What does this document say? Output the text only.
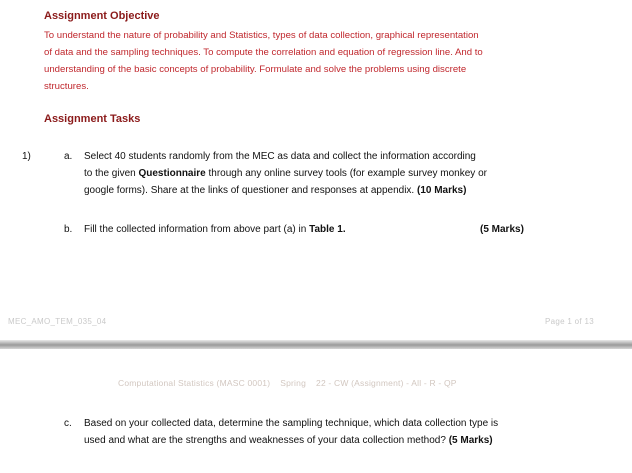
Assignment Objective
To understand the nature of probability and Statistics, types of data collection, graphical representation
of data and the sampling techniques. To compute the correlation and equation of regression line. And to
understanding of the basic concepts of probability. Formulate and solve the problems using discrete
structures.
Assignment Tasks
1)	a. Select 40 students randomly from the MEC as data and collect the information according
to the given Questionnaire through any online survey tools (for example survey monkey or
google forms). Share at the links of questioner and responses at appendix. (10 Marks)
b. Fill the collected information from above part (a) in Table 1.	(5 Marks)
MEC_AMO_TEM_035_04	Page 1 of 13
Computational Statistics (MASC 0001) Spring 22 - CW (Assignment) - All - R - QP
c. Based on your collected data, determine the sampling technique, which data collection type is
used and what are the strengths and weaknesses of your data collection method? (5 Marks)
